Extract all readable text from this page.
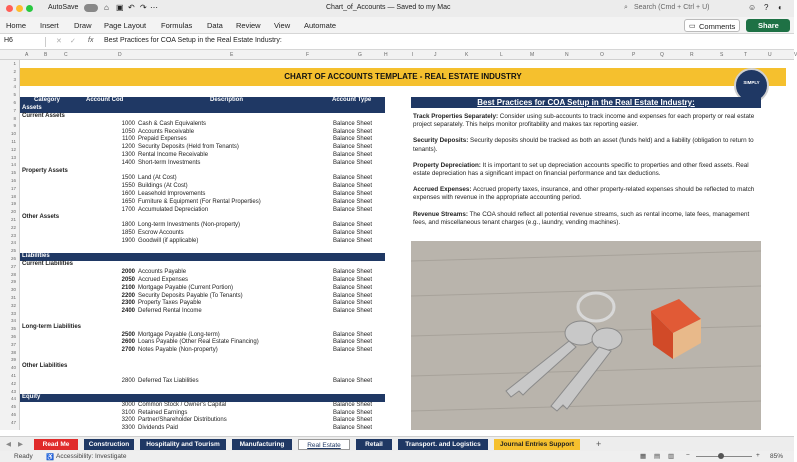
AutoSave	⌂ ▣ ↶ ↷ ⋯	Chart_of_Accounts — Saved to my Mac	⌕ Search (Cmd + Ctrl + U)	☺ ? ◐
Home Insert Draw Page Layout Formulas Data Review View Automate	▭ Comments	Share
H6	✕ ✓ fx Best Practices for COA Setup in the Real Estate Industry:
A	B	C	D	E	F	G	H	I	J	K	L	M	N	O	P	Q	R	S	T	U	V
1
2
3
4
5
6
7
8
9
10
11
12
13
14
15
16
17
18
19
20
21
22
23
24
25
26
27
28
29
30
31
32
33
34
35
36
37
38
39
40
41
42
43
44
45
46
47
CHART OF ACCOUNTS TEMPLATE - REAL ESTATE INDUSTRY
SIMPLY
Category	Account Cod	Description	Account Type
Assets
Current Assets
1000 Cash & Cash Equivalents	Balance Sheet
1050 Accounts Receivable	Balance Sheet
1100 Prepaid Expenses	Balance Sheet
1200 Security Deposits (Held from Tenants)	Balance Sheet
1300 Rental Income Receivable	Balance Sheet
1400 Short-term Investments	Balance Sheet
Property Assets
1500 Land (At Cost)	Balance Sheet
1550 Buildings (At Cost)	Balance Sheet
1600 Leasehold Improvements	Balance Sheet
1650 Furniture & Equipment (For Rental Properties)	Balance Sheet
1700 Accumulated Depreciation	Balance Sheet
Other Assets
1800 Long-term Investments (Non-property)	Balance Sheet
1850 Escrow Accounts	Balance Sheet
1900 Goodwill (if applicable)	Balance Sheet
Liabilities
Current Liabilities
2000 Accounts Payable	Balance Sheet
2050 Accrued Expenses	Balance Sheet
2100 Mortgage Payable (Current Portion)	Balance Sheet
2200 Security Deposits Payable (To Tenants)	Balance Sheet
2300 Property Taxes Payable	Balance Sheet
2400 Deferred Rental Income	Balance Sheet
Long-term Liabilities
2500 Mortgage Payable (Long-term)	Balance Sheet
2600 Loans Payable (Other Real Estate Financing)	Balance Sheet
2700 Notes Payable (Non-property)	Balance Sheet
Other Liabilities
2800 Deferred Tax Liabilities	Balance Sheet
Equity
3000 Common Stock / Owner's Capital	Balance Sheet
3100 Retained Earnings	Balance Sheet
3200 Partner/Shareholder Distributions	Balance Sheet
3300 Dividends Paid	Balance Sheet
Best Practices for COA Setup in the Real Estate Industry:

Track Properties Separately: Consider using sub-accounts to track income and expenses for each property or real estate project separately. This helps monitor profitability and makes tax reporting easier.

Security Deposits: Security deposits should be tracked as both an asset (funds held) and a liability (obligation to return to tenants).

Property Depreciation: It is important to set up depreciation accounts specific to properties and other fixed assets. Real estate depreciation has a significant impact on financial performance and tax deductions.

Accrued Expenses: Accrued property taxes, insurance, and other property-related expenses should be reflected to match expenses with revenue in the appropriate accounting period.

Revenue Streams: The COA should reflect all potential revenue streams, such as rental income, late fees, management fees, and miscellaneous tenant charges (e.g., laundry, vending machines).

◀ ▶	Read Me	Construction	Hospitality and Tourism	Manufacturing	Real Estate	Retail	Transport. and Logistics	Journal Entries Support	+
Ready ♿ Accessibility: Investigate	▦ ▤ ▥ −	+ 85%
